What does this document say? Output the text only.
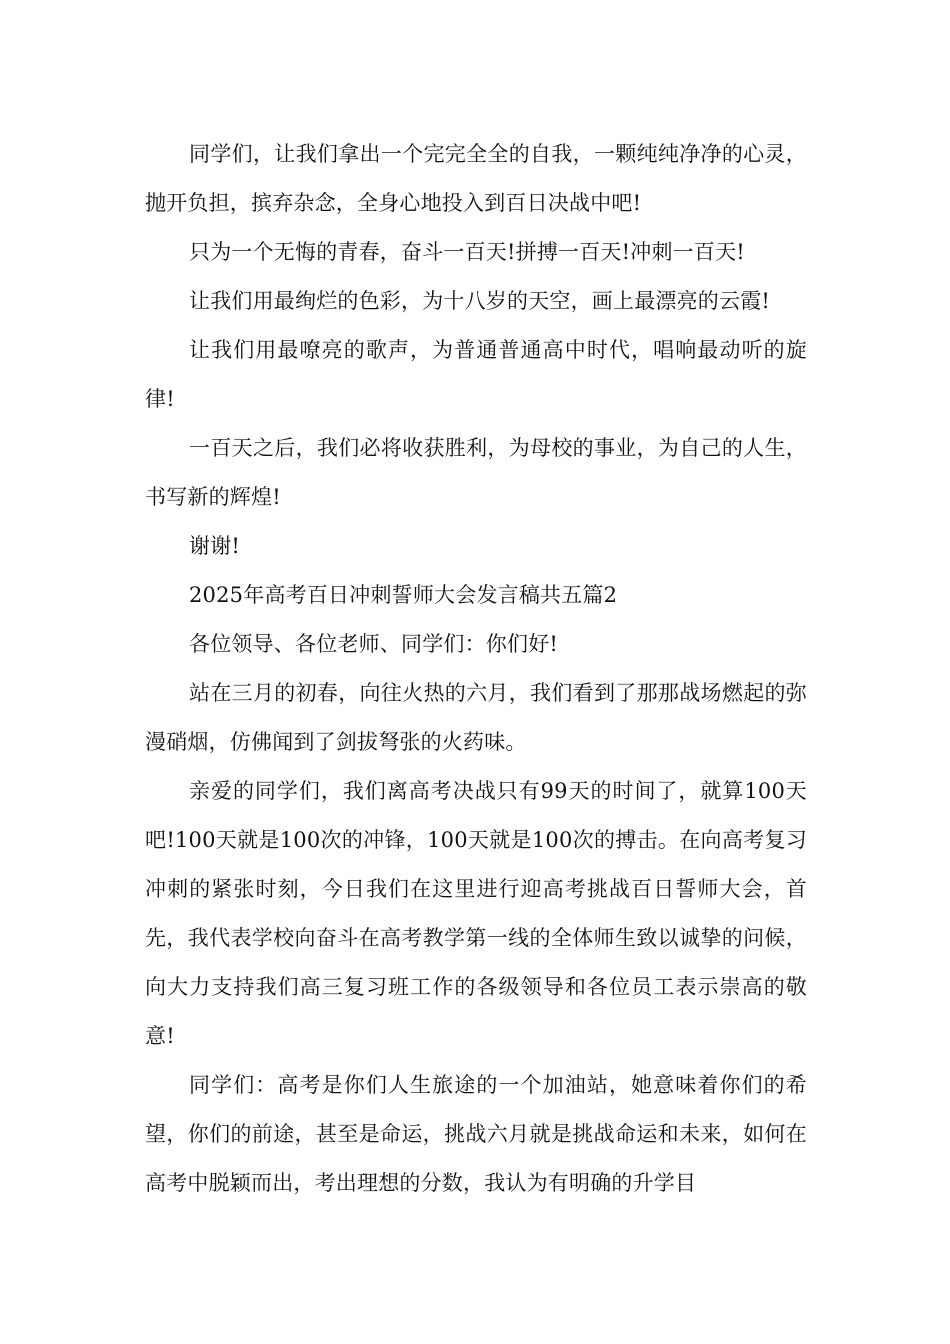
同学们，让我们拿出一个完完全全的自我，一颗纯纯净净的心灵，抛开负担，摈弃杂念，全身心地投入到百日决战中吧!

只为一个无悔的青春，奋斗一百天!拼搏一百天!冲刺一百天!

让我们用最绚烂的色彩，为十八岁的天空，画上最漂亮的云霞!

让我们用最嘹亮的歌声，为普通普通高中时代，唱响最动听的旋律!

一百天之后，我们必将收获胜利，为母校的事业，为自己的人生，书写新的辉煌!

谢谢!

2025年高考百日冲刺誓师大会发言稿共五篇2

各位领导、各位老师、同学们：你们好!

站在三月的初春，向往火热的六月，我们看到了那那战场燃起的弥漫硝烟，仿佛闻到了剑拔弩张的火药味。

亲爱的同学们，我们离高考决战只有99天的时间了，就算100天吧!100天就是100次的冲锋，100天就是100次的搏击。在向高考复习冲刺的紧张时刻，今日我们在这里进行迎高考挑战百日誓师大会，首先，我代表学校向奋斗在高考教学第一线的全体师生致以诚挚的问候，向大力支持我们高三复习班工作的各级领导和各位员工表示崇高的敬意!

同学们：高考是你们人生旅途的一个加油站，她意味着你们的希望，你们的前途，甚至是命运，挑战六月就是挑战命运和未来，如何在高考中脱颖而出，考出理想的分数，我认为有明确的升学目
